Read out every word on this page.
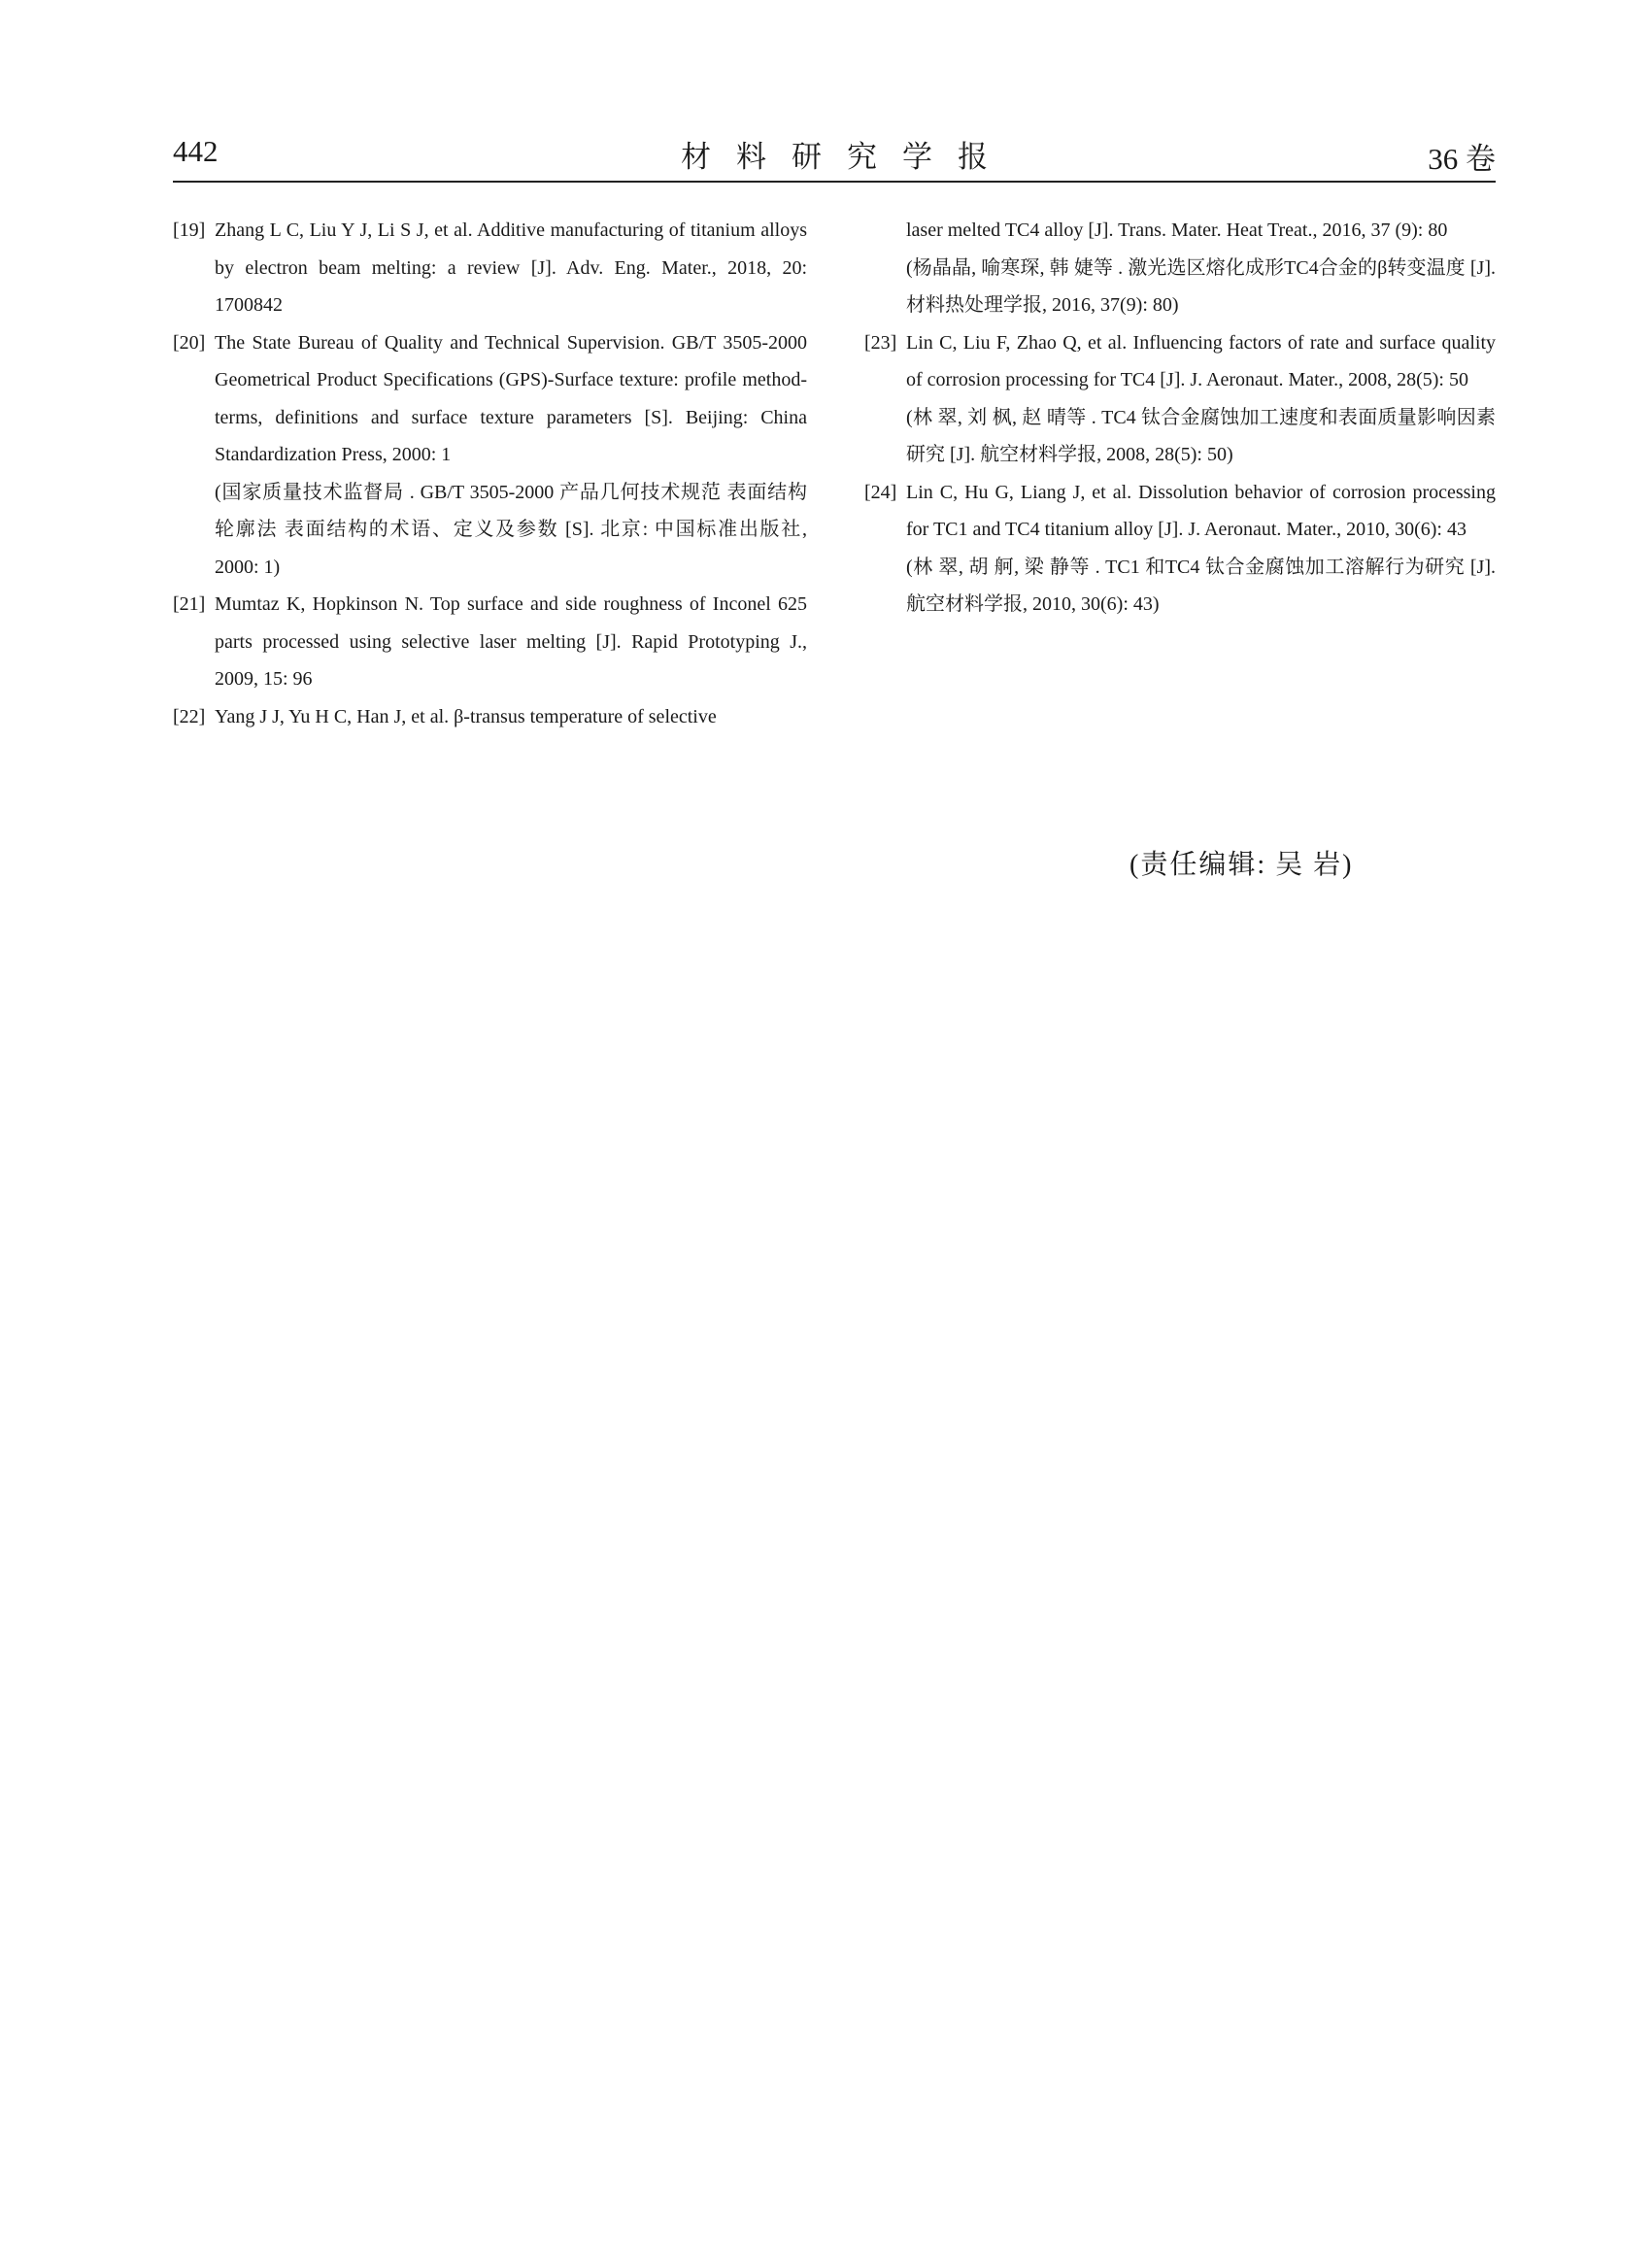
442	材料研究学报	36 卷
[19] Zhang L C, Liu Y J, Li S J, et al. Additive manufacturing of titanium alloys by electron beam melting: a review [J]. Adv. Eng. Mater., 2018, 20: 1700842
[20] The State Bureau of Quality and Technical Supervision. GB/T 3505-2000 Geometrical Product Specifications (GPS)-Surface texture: profile method-terms, definitions and surface texture parameters [S]. Beijing: China Standardization Press, 2000: 1
(国家质量技术监督局 . GB/T 3505-2000 产品几何技术规范 表面结构 轮廓法 表面结构的术语、定义及参数 [S]. 北京: 中国标准出版社, 2000: 1)
[21] Mumtaz K, Hopkinson N. Top surface and side roughness of Inconel 625 parts processed using selective laser melting [J]. Rapid Prototyping J., 2009, 15: 96
[22] Yang J J, Yu H C, Han J, et al. β-transus temperature of selective
laser melted TC4 alloy [J]. Trans. Mater. Heat Treat., 2016, 37 (9): 80
(杨晶晶, 喻寒琛, 韩 婕等 . 激光选区熔化成形TC4合金的β转变温度 [J]. 材料热处理学报, 2016, 37(9): 80)
[23] Lin C, Liu F, Zhao Q, et al. Influencing factors of rate and surface quality of corrosion processing for TC4 [J]. J. Aeronaut. Mater., 2008, 28(5): 50
(林 翠, 刘 枫, 赵 晴等 . TC4 钛合金腐蚀加工速度和表面质量影响因素研究 [J]. 航空材料学报, 2008, 28(5): 50)
[24] Lin C, Hu G, Liang J, et al. Dissolution behavior of corrosion processing for TC1 and TC4 titanium alloy [J]. J. Aeronaut. Mater., 2010, 30(6): 43
(林 翠, 胡 舸, 梁 静等 . TC1 和TC4 钛合金腐蚀加工溶解行为研究 [J]. 航空材料学报, 2010, 30(6): 43)
(责任编辑: 吴 岩)
